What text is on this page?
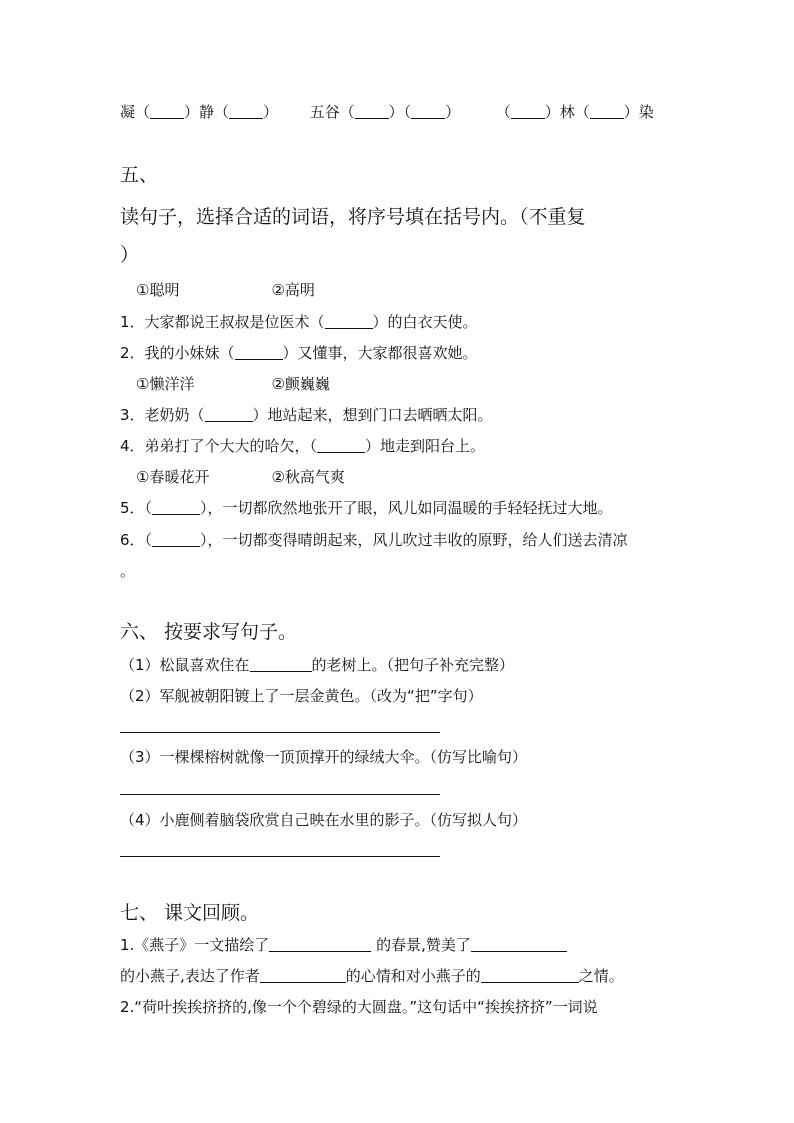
凝（ ）静（ ） 五谷（ ）（ ） （ ）林（ ）染
五、
读句子，选择合适的词语，将序号填在括号内。（不重复
）
①聪明	②高明
1．大家都说王叔叔是位医术（	）的白衣天使。
2．我的小妹妹（	）又懂事，大家都很喜欢她。
①懒洋洋	②颤巍巍
3．老奶奶（	）地站起来，想到门口去晒晒太阳。
4．弟弟打了个大大的哈欠，（	）地走到阳台上。
①春暖花开	②秋高气爽
5．（	），一切都欣然地张开了眼，风儿如同温暖的手轻轻抚过大地。
6．（	），一切都变得晴朗起来，风儿吹过丰收的原野，给人们送去清凉
。
六、 按要求写句子。
（1）松鼠喜欢住在	的老树上。（把句子补充完整）
（2）军舰被朝阳镀上了一层金黄色。（改为“把”字句）
（3）一棵棵榕树就像一顶顶撑开的绿绒大伞。（仿写比喻句）
（4）小鹿侧着脑袋欣赏自己映在水里的影子。（仿写拟人句）
七、 课文回顾。
1.《燕子》一文描绘了	的春景,赞美了
的小燕子,表达了作者	的心情和对小燕子的	之情。
2.“荷叶挨挨挤挤的,像一个个碧绿的大圆盘。”这句话中“挨挨挤挤”一词说
